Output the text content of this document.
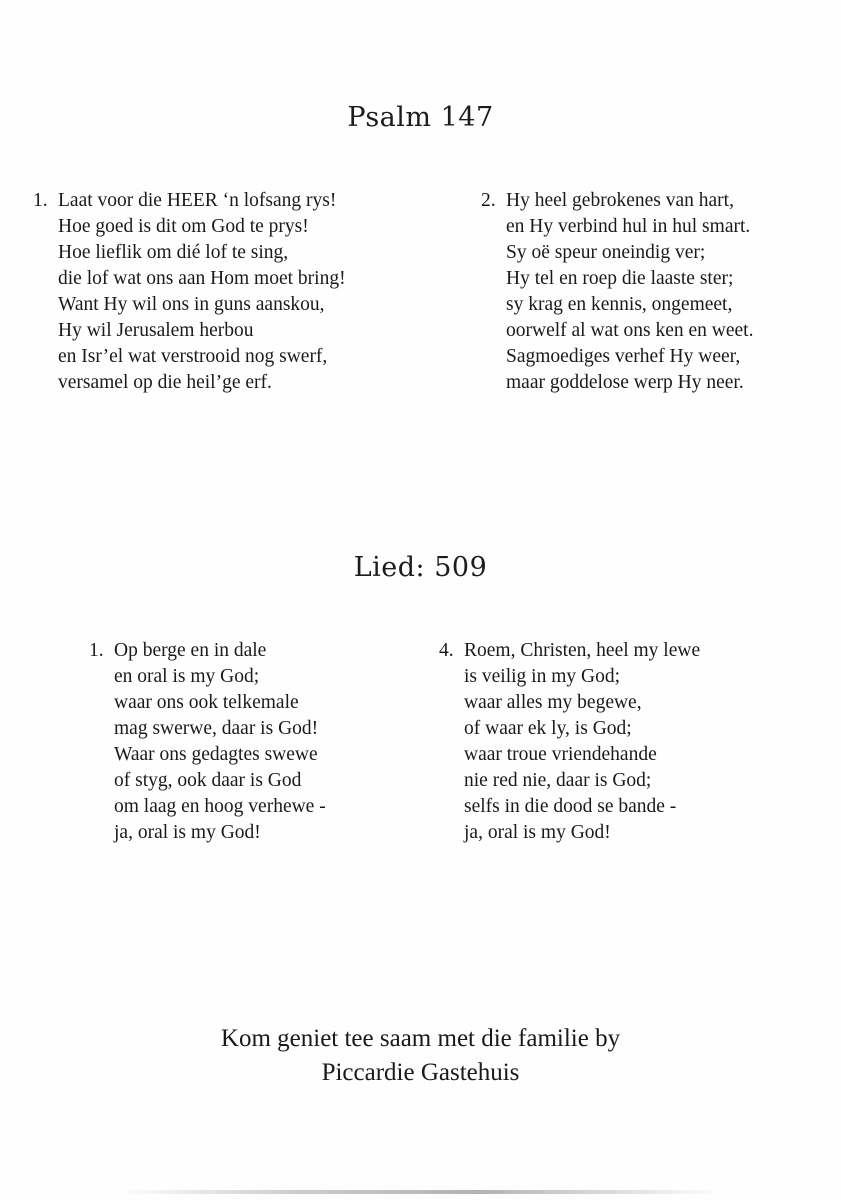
Psalm 147
1. Laat voor die HEER ‘n lofsang rys!
Hoe goed is dit om God te prys!
Hoe lieflik om dié lof te sing,
die lof wat ons aan Hom moet bring!
Want Hy wil ons in guns aanskou,
Hy wil Jerusalem herbou
en Isr’el wat verstrooid nog swerf,
versamel op die heil’ge erf.
2. Hy heel gebrokenes van hart,
en Hy verbind hul in hul smart.
Sy oë speur oneindig ver;
Hy tel en roep die laaste ster;
sy krag en kennis, ongemeet,
oorwelf al wat ons ken en weet.
Sagmoediges verhef Hy weer,
maar goddelose werp Hy neer.
Lied: 509
1. Op berge en in dale
en oral is my God;
waar ons ook telkemale
mag swerwe, daar is God!
Waar ons gedagtes swewe
of styg, ook daar is God
om laag en hoog verhewe -
ja, oral is my God!
4. Roem, Christen, heel my lewe
is veilig in my God;
waar alles my begewe,
of waar ek ly, is God;
waar troue vriendehande
nie red nie, daar is God;
selfs in die dood se bande -
ja, oral is my God!
Kom geniet tee saam met die familie by
Piccardie Gastehuis
